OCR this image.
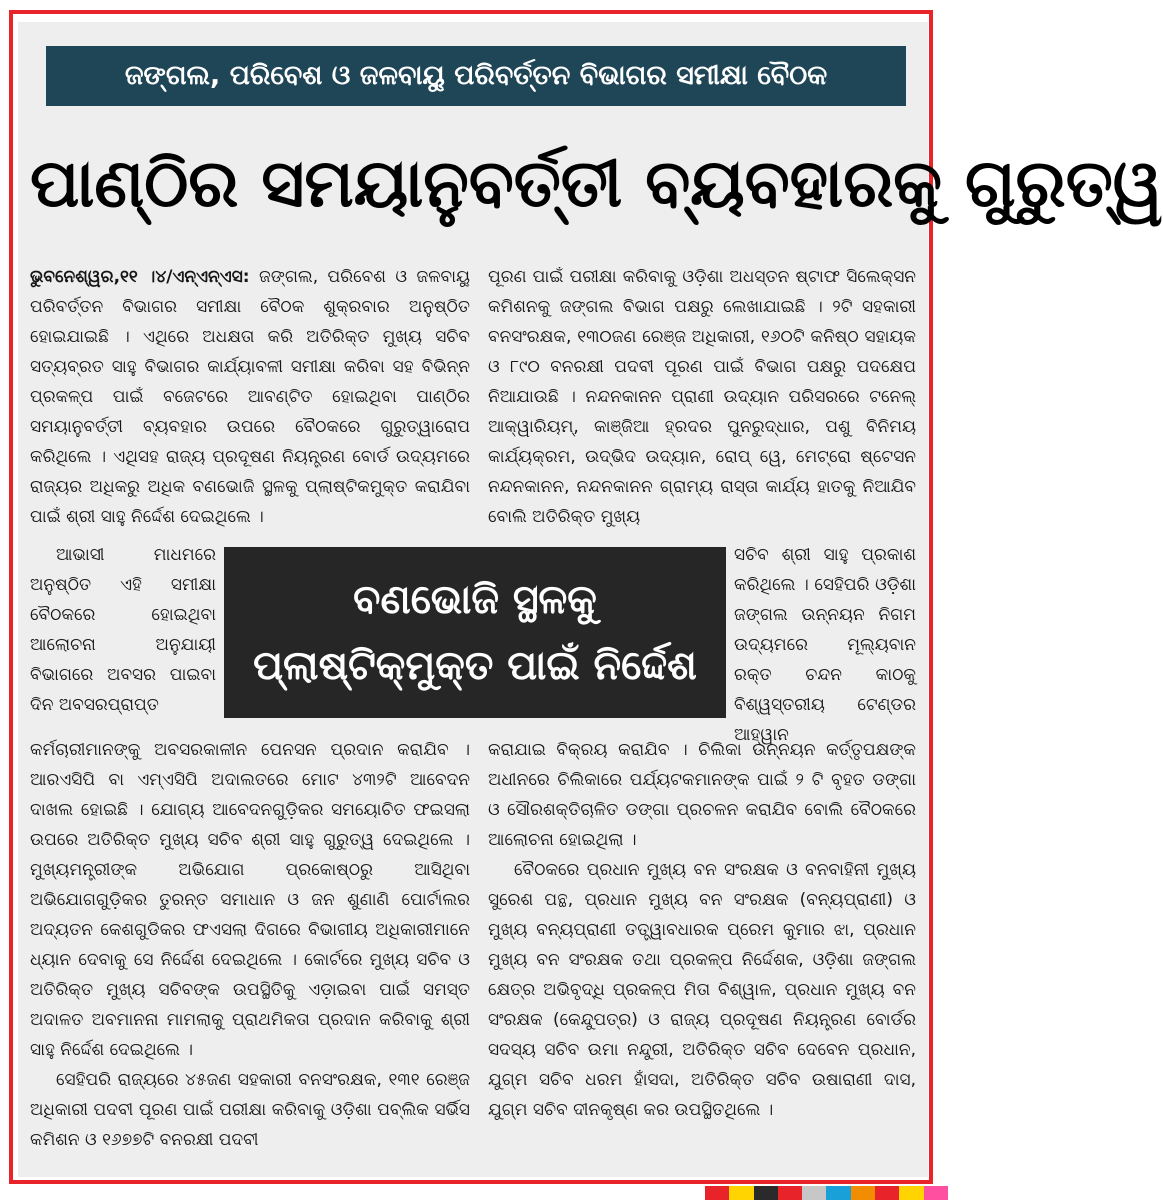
ଜଙ୍ଗଲ, ପରିବେଶ ଓ ଜଳବାୟୁ ପରିବର୍ତ୍ତନ ବିଭାଗର ସମୀକ୍ଷା ବୈଠକ
ପାଣ୍ଠିର ସମୟାନୁବର୍ତ୍ତୀ ବ୍ୟବହାରକୁ ଗୁରୁତ୍ୱ

ଭୁବନେଶ୍ୱର,୧୧ ।୪/ଏନ୍ଏନ୍ଏସ: ଜଙ୍ଗଲ, ପରିବେଶ ଓ ଜଳବାୟୁ ପରିବର୍ତ୍ତନ ବିଭାଗର ସମୀକ୍ଷା ବୈଠକ ଶୁକ୍ରବାର ଅନୁଷ୍ଠିତ ହୋଇଯାଇଛି । ଏଥିରେ ଅଧକ୍ଷତା କରି ଅତିରିକ୍ତ ମୁଖ୍ୟ ସଚିବ ସତ୍ୟବ୍ରତ ସାହୁ ବିଭାଗର କାର୍ଯ୍ୟାବଳୀ ସମୀକ୍ଷା କରିବା ସହ ବିଭିନ୍ନ ପ୍ରକଳ୍ପ ପାଇଁ ବଜେଟରେ ଆବଣ୍ଟିତ ହୋଇଥିବା ପାଣ୍ଠିର ସମୟାନୁବର୍ତ୍ତୀ ବ୍ୟବହାର ଉପରେ ବୈଠକରେ ଗୁରୁତ୍ୱାରୋପ କରିଥିଲେ । ଏଥିସହ ରାଜ୍ୟ ପ୍ରଦୂଷଣ ନିୟନ୍ତ୍ରଣ ବୋର୍ଡ ଉଦ୍ୟମରେ ରାଜ୍ୟର ଅଧିକରୁ ଅଧିକ ବଣଭୋଜି ସ୍ଥଳକୁ ପ୍ଲାଷ୍ଟିକମୁକ୍ତ କରାଯିବା ପାଇଁ ଶ୍ରୀ ସାହୁ ନିର୍ଦ୍ଦେଶ ଦେଇଥିଲେ ।

ଆଭାସୀ ମାଧମରେ ଅନୁଷ୍ଠିତ ଏହି ସମୀକ୍ଷା ବୈଠକରେ ହୋଇଥିବା ଆଲୋଚନା ଅନୁଯାୟୀ ବିଭାଗରେ ଅବସର ପାଇବା ଦିନ ଅବସରପ୍ରାପ୍ତ

ବଣଭୋଜି ସ୍ଥଳକୁ
ପ୍ଲାଷ୍ଟିକ୍ମୁକ୍ତ ପାଇଁ ନିର୍ଦ୍ଦେଶ

କର୍ମଚାରୀମାନଙ୍କୁ ଅବସରକାଳୀନ ପେନସନ ପ୍ରଦାନ କରାଯିବ । ଆରଏସିପି ବା ଏମ୍ଏସିପି ଅଦାଲତରେ ମୋଟ ୪୩୨ଟି ଆବେଦନ ଦାଖଲ ହୋଇଛି । ଯୋଗ୍ୟ ଆବେଦନଗୁଡ଼ିକର ସମୟୋଚିତ ଫଇସଲା ଉପରେ ଅତିରିକ୍ତ ମୁଖ୍ୟ ସଚିବ ଶ୍ରୀ ସାହୁ ଗୁରୁତ୍ୱ ଦେଇଥିଲେ । ମୁଖ୍ୟମନ୍ତ୍ରୀଙ୍କ ଅଭିଯୋଗ ପ୍ରକୋଷ୍ଠରୁ ଆସିଥିବା ଅଭିଯୋଗଗୁଡ଼ିକର ତୁରନ୍ତ ସମାଧାନ ଓ ଜନ ଶୁଣାଣି ପୋର୍ଟାଲର ଅଦ୍ୟତନ କେଶଗୁଡିକର ଫଏସଲା ଦିଗରେ ବିଭାଗୀୟ ଅଧିକାରୀମାନେ ଧ୍ୟାନ ଦେବାକୁ ସେ ନିର୍ଦ୍ଦେଶ ଦେଇଥିଲେ । କୋର୍ଟରେ ମୁଖ୍ୟ ସଚିବ ଓ ଅତିରିକ୍ତ ମୁଖ୍ୟ ସଚିବଙ୍କ ଉପସ୍ଥିତିକୁ ଏଡ଼ାଇବା ପାଇଁ ସମସ୍ତ ଅଦାଳତ ଅବମାନନା ମାମଲାକୁ ପ୍ରାଥମିକତା ପ୍ରଦାନ କରିବାକୁ ଶ୍ରୀ ସାହୁ ନିର୍ଦ୍ଦେଶ ଦେଇଥିଲେ ।

ସେହିପରି ରାଜ୍ୟରେ ୪୫ଜଣ ସହକାରୀ ବନସଂରକ୍ଷକ, ୧୩୧ ରେଞ୍ଜ ଅଧିକାରୀ ପଦବୀ ପୂରଣ ପାଇଁ ପରୀକ୍ଷା କରିବାକୁ ଓଡ଼ିଶା ପବ୍ଲିକ ସର୍ଭିସ କମିଶନ ଓ ୧୬୭୭ଟି ବନରକ୍ଷୀ ପଦବୀ

ପୂରଣ ପାଇଁ ପରୀକ୍ଷା କରିବାକୁ ଓଡ଼ିଶା ଅଧସ୍ତନ ଷ୍ଟାଫ ସିଲେକ୍ସନ କମିଶନକୁ ଜଙ୍ଗଲ ବିଭାଗ ପକ୍ଷରୁ ଲେଖାଯାଇଛି । ୨ଟି ସହକାରୀ ବନସଂରକ୍ଷକ, ୧୩୦ଜଣ ରେଞ୍ଜ ଅଧିକାରୀ, ୧୬୦ଟି କନିଷ୍ଠ ସହାୟକ ଓ ୮୯୦ ବନରକ୍ଷୀ ପଦବୀ ପୂରଣ ପାଇଁ ବିଭାଗ ପକ୍ଷରୁ ପଦକ୍ଷେପ ନିଆଯାଉଛି । ନନ୍ଦନକାନନ ପ୍ରାଣୀ ଉଦ୍ୟାନ ପରିସରରେ ଟନେଲ୍ ଆକ୍ୱାରିୟମ୍, କାଞ୍ଜିଆ ହ୍ରଦର ପୁନରୁଦ୍ଧାର, ପଶୁ ବିନିମୟ କାର୍ଯ୍ୟକ୍ରମ, ଉଦ୍ଭିଦ ଉଦ୍ୟାନ, ରୋପ୍ ୱେ, ମେଟ୍ରୋ ଷ୍ଟେସନ ନନ୍ଦନକାନନ, ନନ୍ଦନକାନନ ଗ୍ରାମ୍ୟ ରାସ୍ତା କାର୍ଯ୍ୟ ହାତକୁ ନିଆଯିବ ବୋଲି ଅତିରିକ୍ତ ମୁଖ୍ୟ

ସଚିବ ଶ୍ରୀ ସାହୁ ପ୍ରକାଶ କରିଥିଲେ । ସେହିପରି ଓଡ଼ିଶା ଜଙ୍ଗଲ ଉନ୍ନୟନ ନିଗମ ଉଦ୍ୟମରେ ମୂଲ୍ୟବାନ ରକ୍ତ ଚନ୍ଦନ କାଠକୁ ବିଶ୍ୱସ୍ତରୀୟ ଟେଣ୍ଡର ଆହ୍ୱାନ

କରାଯାଇ ବିକ୍ରୟ କରାଯିବ । ଚିଲିକା ଉନ୍ନୟନ କର୍ତ୍ତୃପକ୍ଷଙ୍କ ଅଧୀନରେ ଚିଲିକାରେ ପର୍ଯ୍ୟଟକମାନଙ୍କ ପାଇଁ ୨ ଟି ବୃହତ ଡଙ୍ଗା ଓ ସୌରଶକ୍ତିଚାଳିତ ଡଙ୍ଗା ପ୍ରଚଳନ କରାଯିବ ବୋଲି ବୈଠକରେ ଆଲୋଚନା ହୋଇଥିଲା ।

ବୈଠକରେ ପ୍ରଧାନ ମୁଖ୍ୟ ବନ ସଂରକ୍ଷକ ଓ ବନବାହିନୀ ମୁଖ୍ୟ ସୁରେଶ ପନ୍ଥ, ପ୍ରଧାନ ମୁଖ୍ୟ ବନ ସଂରକ୍ଷକ (ବନ୍ୟପ୍ରାଣୀ) ଓ ମୁଖ୍ୟ ବନ୍ୟପ୍ରାଣୀ ତତ୍ତ୍ୱାବଧାରକ ପ୍ରେମ କୁମାର ଝା, ପ୍ରଧାନ ମୁଖ୍ୟ ବନ ସଂରକ୍ଷକ ତଥା ପ୍ରକଳ୍ପ ନିର୍ଦ୍ଦେଶକ, ଓଡ଼ିଶା ଜଙ୍ଗଲ କ୍ଷେତ୍ର ଅଭିବୃଦ୍ଧି ପ୍ରକଳ୍ପ ମିତା ବିଶ୍ୱାଳ, ପ୍ରଧାନ ମୁଖ୍ୟ ବନ ସଂରକ୍ଷକ (କେନ୍ଦୁପତ୍ର) ଓ ରାଜ୍ୟ ପ୍ରଦୂଷଣ ନିୟନ୍ତ୍ରଣ ବୋର୍ଡର ସଦସ୍ୟ ସଚିବ ଉମା ନନ୍ଦୁରୀ, ଅତିରିକ୍ତ ସଚିବ ଦେବେନ ପ୍ରଧାନ, ଯୁଗ୍ମ ସଚିବ ଧରମ ହାଁସଦା, ଅତିରିକ୍ତ ସଚିବ ଉଷାରାଣୀ ଦାସ, ଯୁଗ୍ମ ସଚିବ ଦୀନକୃଷ୍ଣ କର ଉପସ୍ଥିତଥିଲେ ।
